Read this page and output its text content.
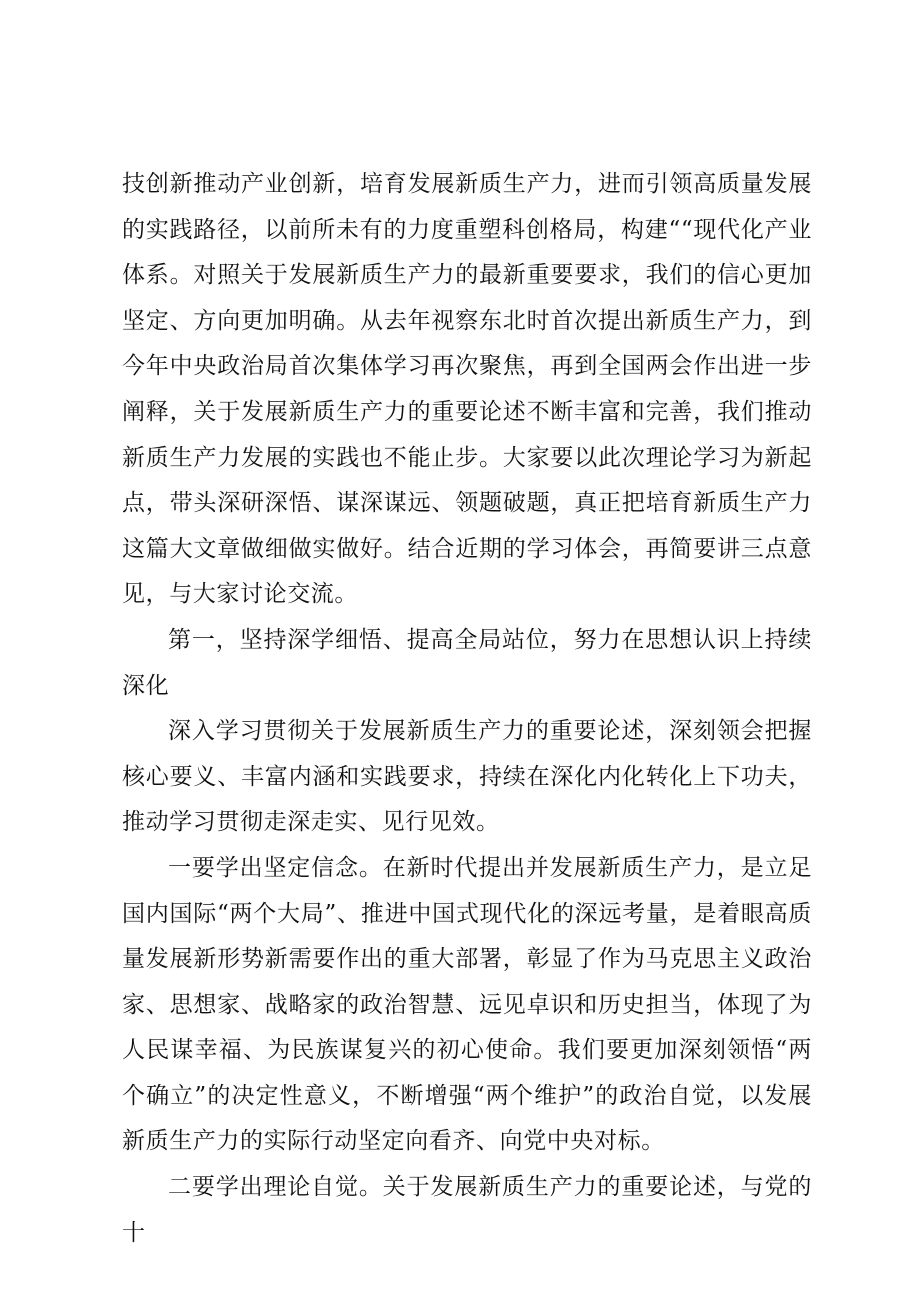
技创新推动产业创新，培育发展新质生产力，进而引领高质量发展的实践路径，以前所未有的力度重塑科创格局，构建““现代化产业体系。对照关于发展新质生产力的最新重要要求，我们的信心更加坚定、方向更加明确。从去年视察东北时首次提出新质生产力，到今年中央政治局首次集体学习再次聚焦，再到全国两会作出进一步阐释，关于发展新质生产力的重要论述不断丰富和完善，我们推动新质生产力发展的实践也不能止步。大家要以此次理论学习为新起点，带头深研深悟、谋深谋远、领题破题，真正把培育新质生产力这篇大文章做细做实做好。结合近期的学习体会，再简要讲三点意见，与大家讨论交流。

第一，坚持深学细悟、提高全局站位，努力在思想认识上持续深化

深入学习贯彻关于发展新质生产力的重要论述，深刻领会把握核心要义、丰富内涵和实践要求，持续在深化内化转化上下功夫，推动学习贯彻走深走实、见行见效。

一要学出坚定信念。在新时代提出并发展新质生产力，是立足国内国际“两个大局”、推进中国式现代化的深远考量，是着眼高质量发展新形势新需要作出的重大部署，彰显了作为马克思主义政治家、思想家、战略家的政治智慧、远见卓识和历史担当，体现了为人民谋幸福、为民族谋复兴的初心使命。我们要更加深刻领悟“两个确立”的决定性意义，不断增强“两个维护”的政治自觉，以发展新质生产力的实际行动坚定向看齐、向党中央对标。

二要学出理论自觉。关于发展新质生产力的重要论述，与党的十
